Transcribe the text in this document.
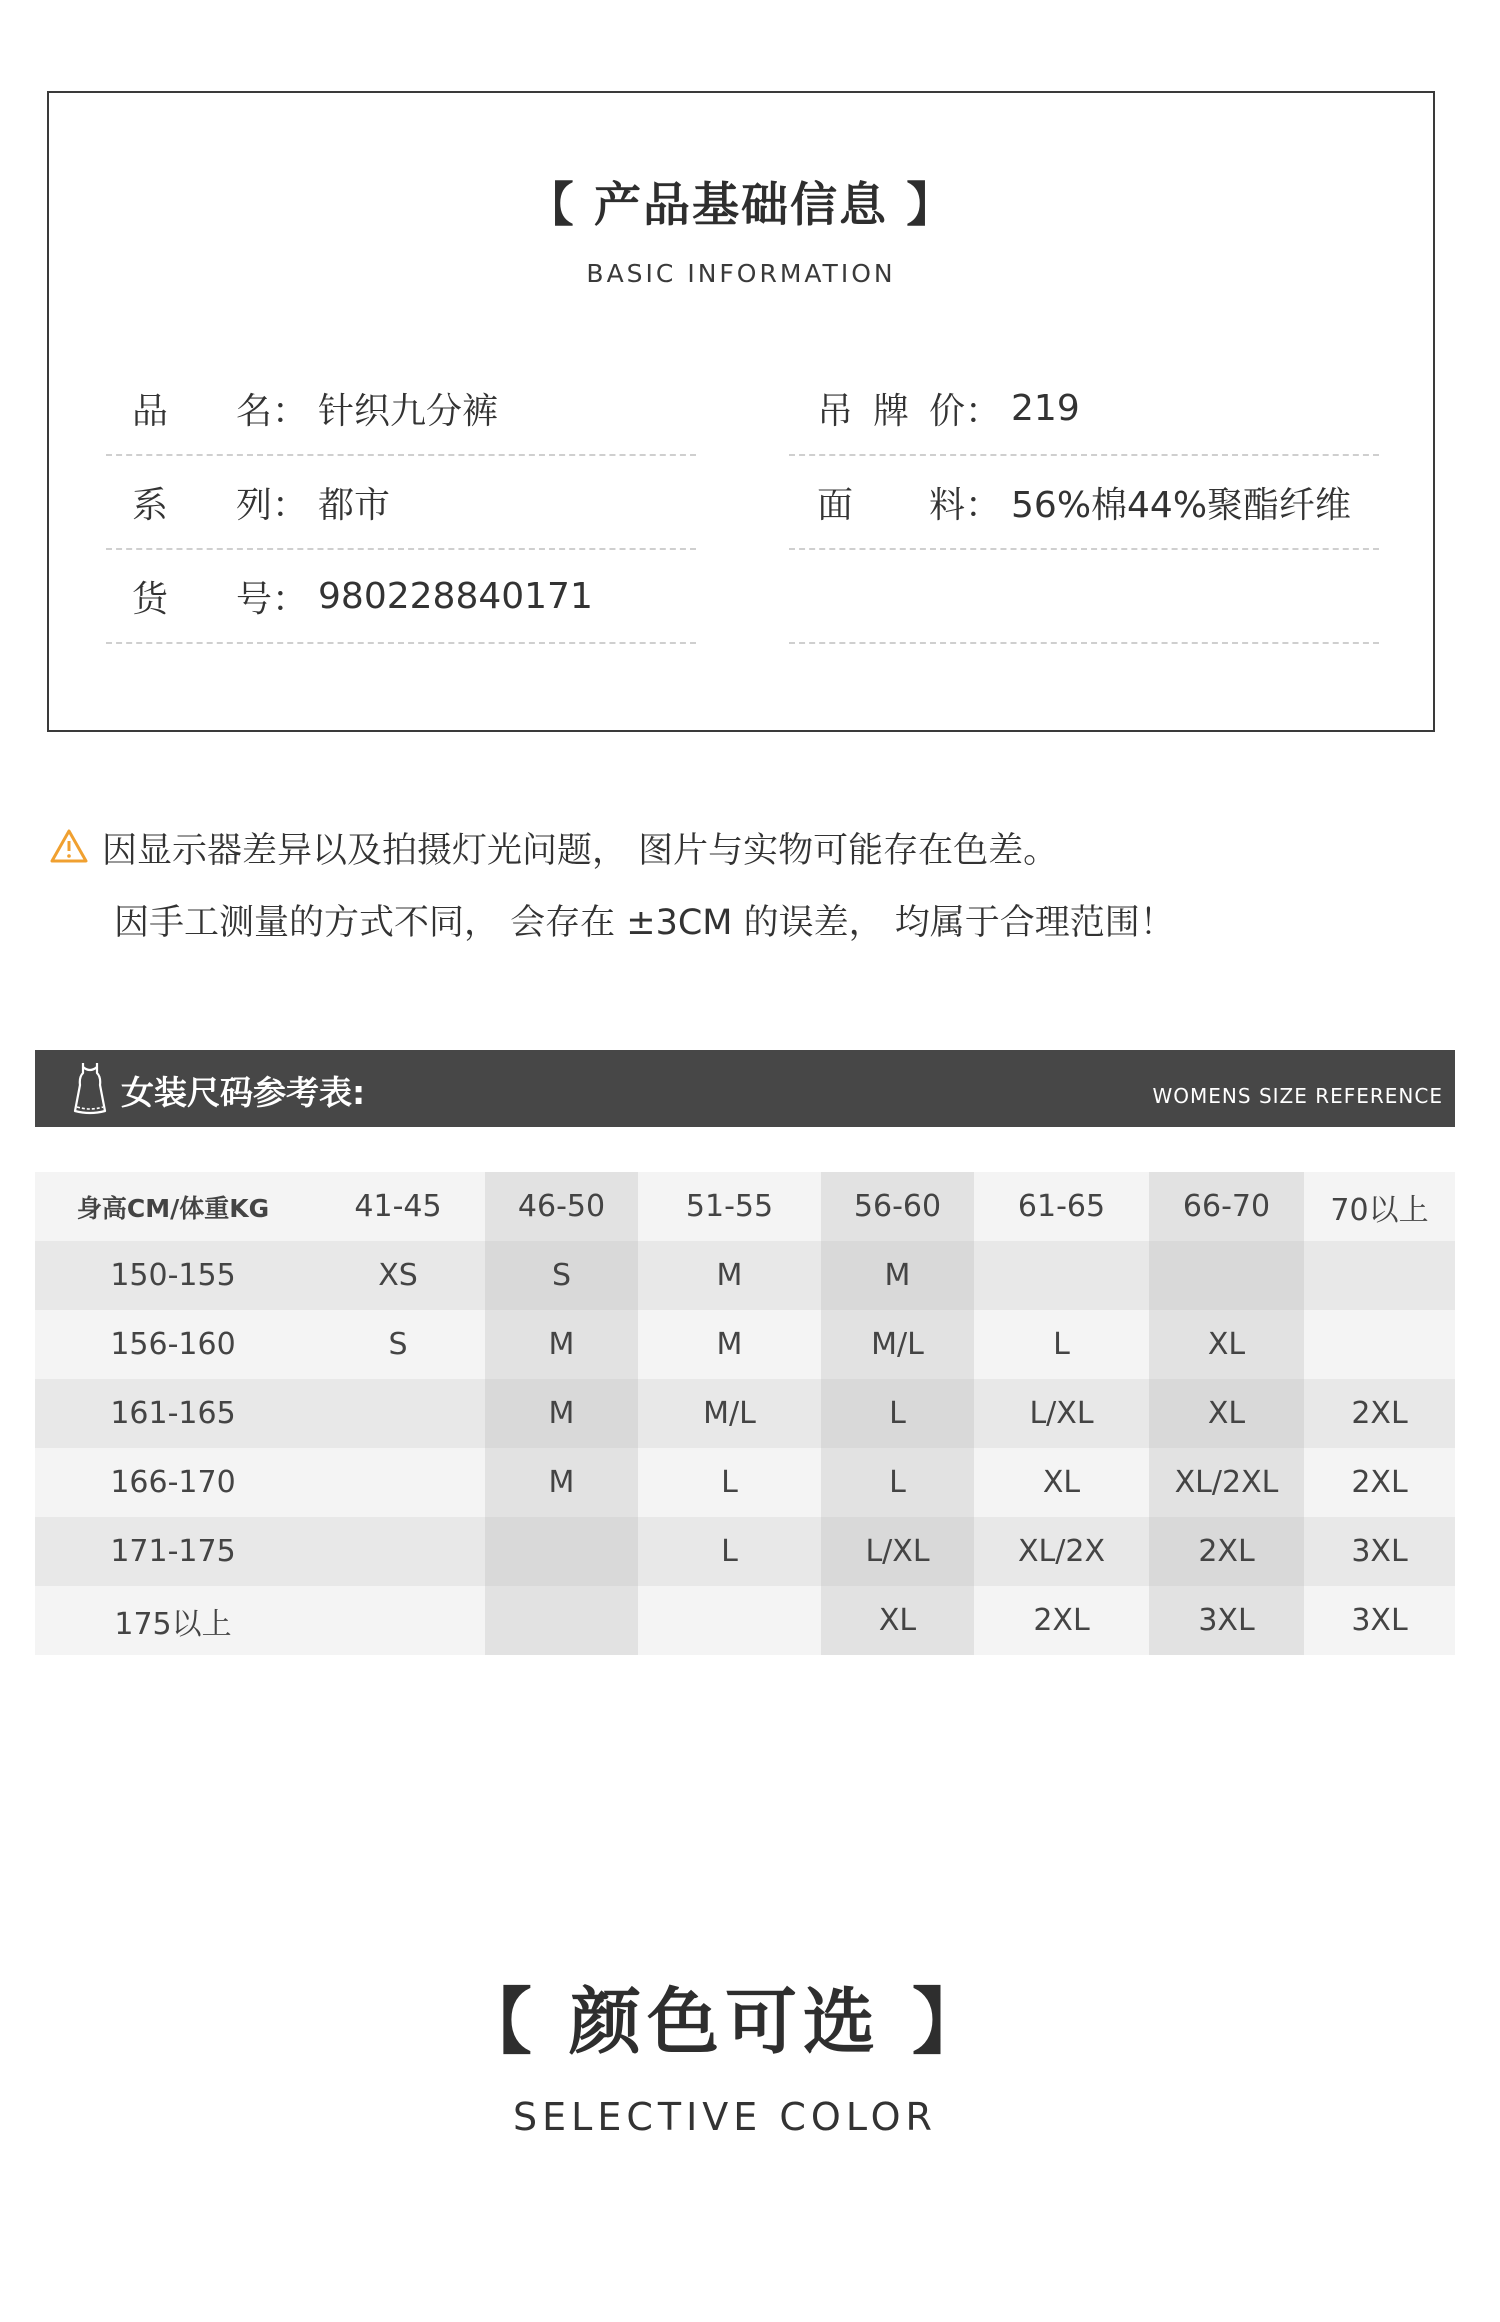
【 产品基础信息 】
BASIC INFORMATION
品名 ： 针织九分裤
系列 ： 都市
货号 ： 980228840171
吊牌价 ： 219
面料 ： 56%棉44%聚酯纤维
因显示器差异以及拍摄灯光问题， 图片与实物可能存在色差。
因手工测量的方式不同， 会存在 ±3CM 的误差， 均属于合理范围！
女装尺码参考表:	WOMENS SIZE REFERENCE
身高CM/体重KG	41-45	46-50	51-55	56-60	61-65	66-70	70以上
150-155	XS	S	M	M			
156-160	S	M	M	M/L	L	XL	
161-165		M	M/L	L	L/XL	XL	2XL
166-170		M	L	L	XL	XL/2XL	2XL
171-175			L	L/XL	XL/2X	2XL	3XL
175以上				XL	2XL	3XL	3XL
【 颜色可选 】
SELECTIVE COLOR
